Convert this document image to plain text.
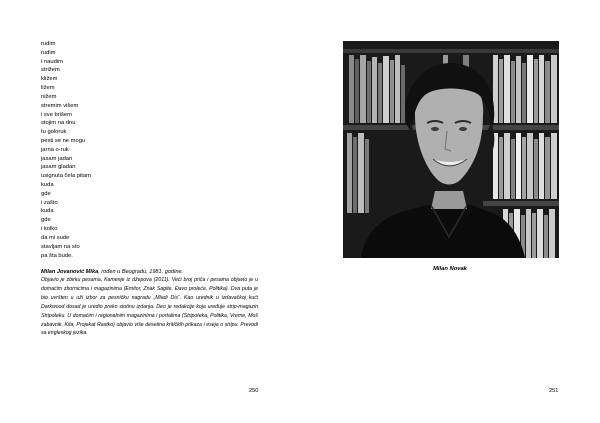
rudim
rudim
i naudim
strižem
kližem
ližem
nižem
stremim višem
i sve brišem
stojim na dnu
tu goloruk
pesti se ne mogu
jarna o-ruk
jasam jadan
jasam gladan
usignuta čela pitam
kuda
gde
i zašto
kuda
gde
i kolko
da mi sude
stavljam na sto
pa šta bude.

Milan Jovanović Mika, rođen u Beogradu, 1981. godine.

Objavio je zbirku pesama, Kamenje iz džepova (2011). Veći broj priča i pesama objavio je u domaćim zbornicima i magazinima (Emitor, Znak Sagite, Đavo proleće, Politika). Dva puta je bio uvršten u uži izbor za pesničku nagradu „Mladi Dis“. Kao urednik u izdavačkoj kući Darkwood dosad je uredio preko stotinu izdanja. Deo je redakcije koja uređuje strip-magazin Stripoteku. U domaćim i regionalnim magazinima i portalima (Stripoteka, Politika, Vreme, Moš zabavnik, Kita, Projekat Rastko) objavio više desetina kritičkih prikaza i eseja o stripu. Prevodi sa engleskog jezika.

250
Milan Novak
251
